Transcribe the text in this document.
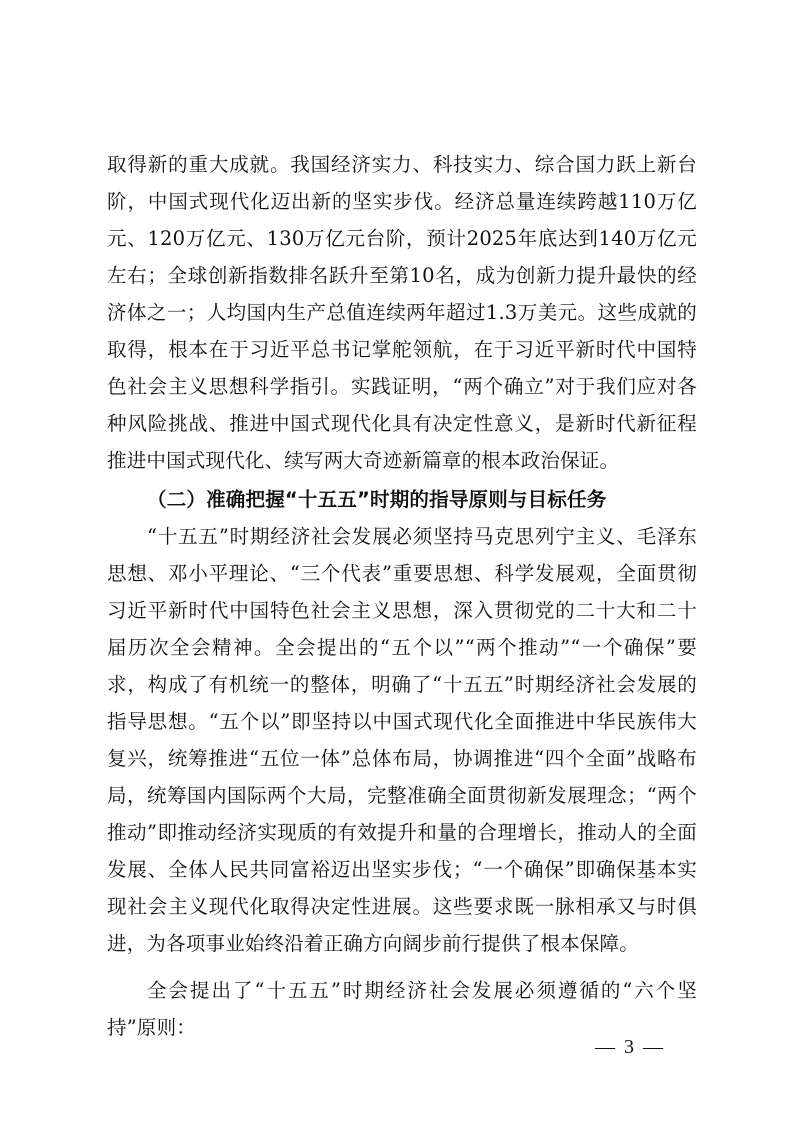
取得新的重大成就。我国经济实力、科技实力、综合国力跃上新台阶，中国式现代化迈出新的坚实步伐。经济总量连续跨越110万亿元、120万亿元、130万亿元台阶，预计2025年底达到140万亿元左右；全球创新指数排名跃升至第10名，成为创新力提升最快的经济体之一；人均国内生产总值连续两年超过1.3万美元。这些成就的取得，根本在于习近平总书记掌舵领航，在于习近平新时代中国特色社会主义思想科学指引。实践证明，“两个确立”对于我们应对各种风险挑战、推进中国式现代化具有决定性意义，是新时代新征程推进中国式现代化、续写两大奇迹新篇章的根本政治保证。

（二）准确把握“十五五”时期的指导原则与目标任务

“十五五”时期经济社会发展必须坚持马克思列宁主义、毛泽东思想、邓小平理论、“三个代表”重要思想、科学发展观，全面贯彻习近平新时代中国特色社会主义思想，深入贯彻党的二十大和二十届历次全会精神。全会提出的“五个以”“两个推动”“一个确保”要求，构成了有机统一的整体，明确了“十五五”时期经济社会发展的指导思想。“五个以”即坚持以中国式现代化全面推进中华民族伟大复兴，统筹推进“五位一体”总体布局，协调推进“四个全面”战略布局，统筹国内国际两个大局，完整准确全面贯彻新发展理念；“两个推动”即推动经济实现质的有效提升和量的合理增长，推动人的全面发展、全体人民共同富裕迈出坚实步伐；“一个确保”即确保基本实现社会主义现代化取得决定性进展。这些要求既一脉相承又与时俱进，为各项事业始终沿着正确方向阔步前行提供了根本保障。

全会提出了“十五五”时期经济社会发展必须遵循的“六个坚持”原则：

— 3 —
